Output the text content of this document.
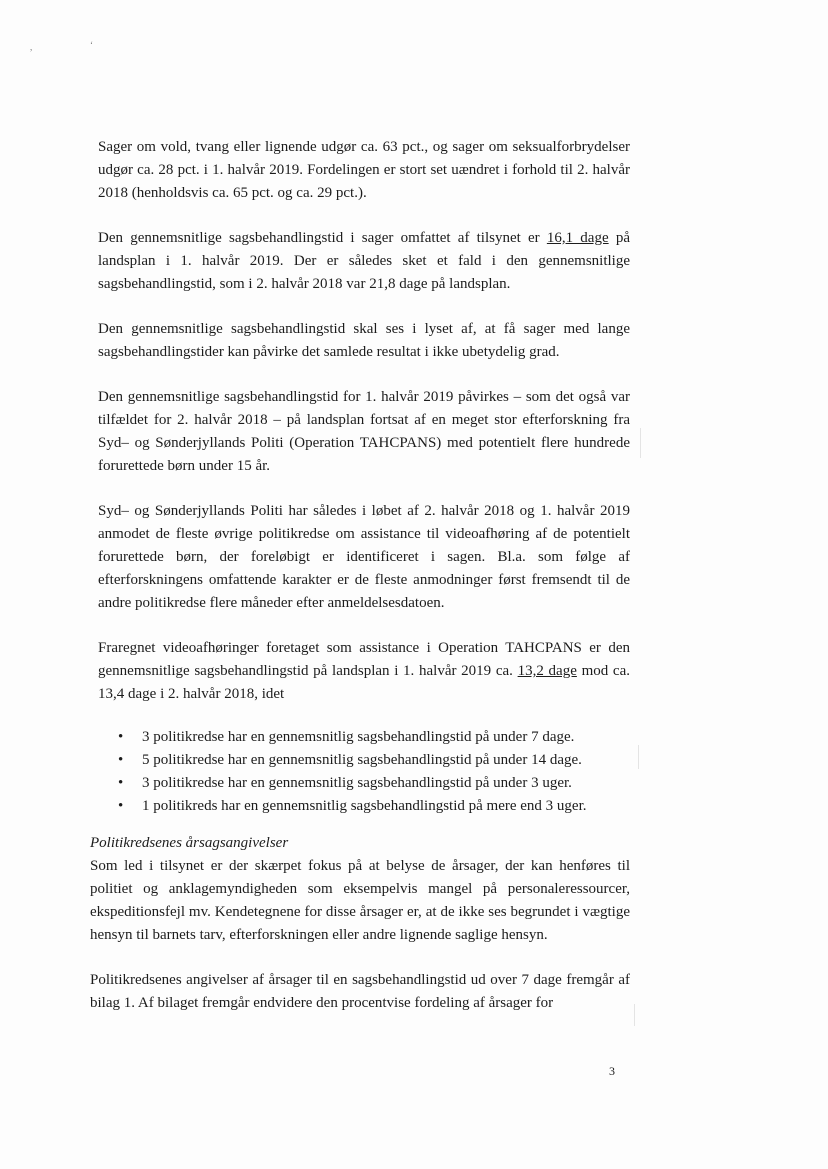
,	‘

Sager om vold, tvang eller lignende udgør ca. 63 pct., og sager om seksualforbrydelser udgør ca. 28 pct. i 1. halvår 2019. Fordelingen er stort set uændret i forhold til 2. halvår 2018 (henholdsvis ca. 65 pct. og ca. 29 pct.).

Den gennemsnitlige sagsbehandlingstid i sager omfattet af tilsynet er 16,1 dage på landsplan i 1. halvår 2019. Der er således sket et fald i den gennemsnitlige sagsbehandlingstid, som i 2. halvår 2018 var 21,8 dage på landsplan.

Den gennemsnitlige sagsbehandlingstid skal ses i lyset af, at få sager med lange sagsbehandlingstider kan påvirke det samlede resultat i ikke ubetydelig grad.

Den gennemsnitlige sagsbehandlingstid for 1. halvår 2019 påvirkes – som det også var tilfældet for 2. halvår 2018 – på landsplan fortsat af en meget stor efterforskning fra Syd– og Sønderjyllands Politi (Operation TAHCPANS) med potentielt flere hundrede forurettede børn under 15 år.

Syd– og Sønderjyllands Politi har således i løbet af 2. halvår 2018 og 1. halvår 2019 anmodet de fleste øvrige politikredse om assistance til videoafhøring af de potentielt forurettede børn, der foreløbigt er identificeret i sagen. Bl.a. som følge af efterforskningens omfattende karakter er de fleste anmodninger først fremsendt til de andre politikredse flere måneder efter anmeldelsesdatoen.

Fraregnet videoafhøringer foretaget som assistance i Operation TAHCPANS er den gennemsnitlige sagsbehandlingstid på landsplan i 1. halvår 2019 ca. 13,2 dage mod ca. 13,4 dage i 2. halvår 2018, idet

• 3 politikredse har en gennemsnitlig sagsbehandlingstid på under 7 dage.
• 5 politikredse har en gennemsnitlig sagsbehandlingstid på under 14 dage.
• 3 politikredse har en gennemsnitlig sagsbehandlingstid på under 3 uger.
• 1 politikreds har en gennemsnitlig sagsbehandlingstid på mere end 3 uger.

Politikredsenes årsagsangivelser

Som led i tilsynet er der skærpet fokus på at belyse de årsager, der kan henføres til politiet og anklagemyndigheden som eksempelvis mangel på personaleressourcer, ekspeditionsfejl mv. Kendetegnene for disse årsager er, at de ikke ses begrundet i vægtige hensyn til barnets tarv, efterforskningen eller andre lignende saglige hensyn.

Politikredsenes angivelser af årsager til en sagsbehandlingstid ud over 7 dage fremgår af bilag 1. Af bilaget fremgår endvidere den procentvise fordeling af årsager for

3
